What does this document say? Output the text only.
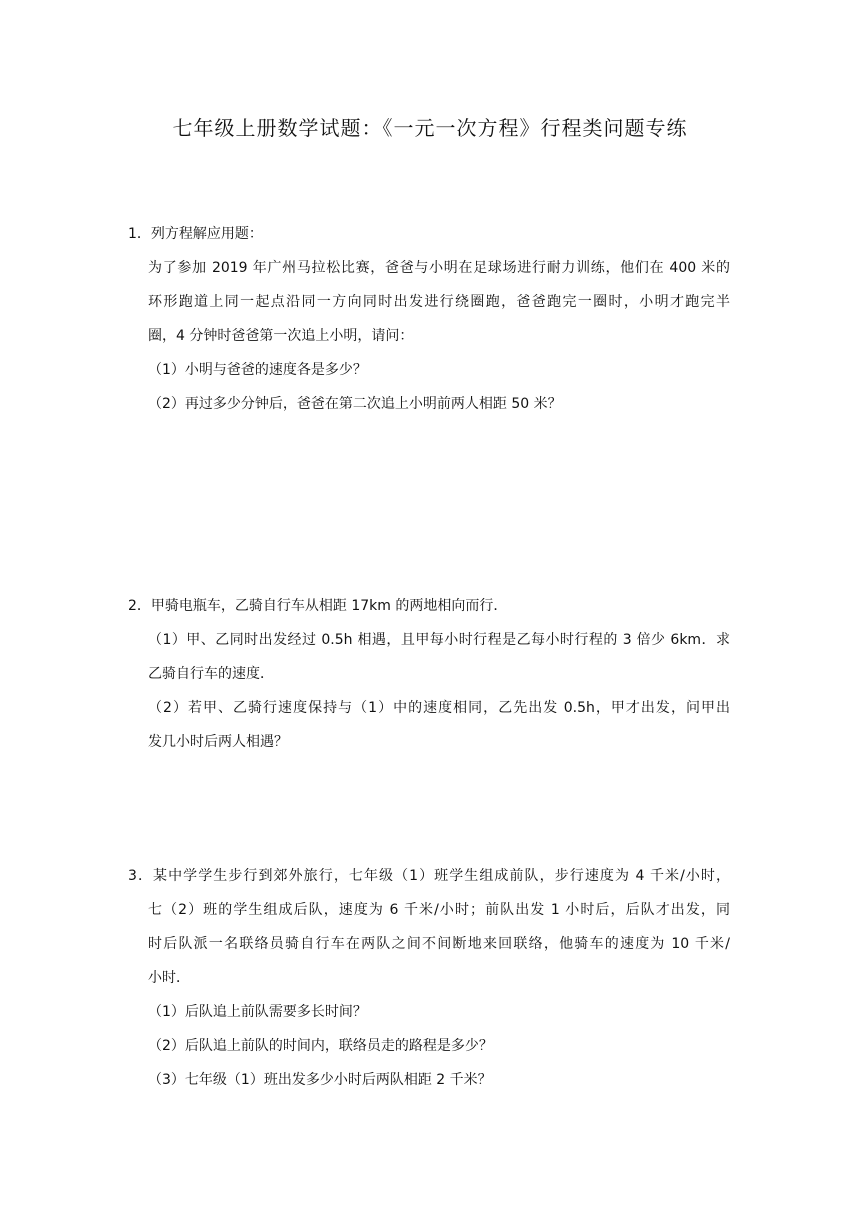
七年级上册数学试题：《一元一次方程》行程类问题专练
1．列方程解应用题：
为了参加 2019 年广州马拉松比赛，爸爸与小明在足球场进行耐力训练，他们在 400 米的
环形跑道上同一起点沿同一方向同时出发进行绕圈跑，爸爸跑完一圈时，小明才跑完半
圈，4 分钟时爸爸第一次追上小明，请问：
（1）小明与爸爸的速度各是多少？
（2）再过多少分钟后，爸爸在第二次追上小明前两人相距 50 米？
2．甲骑电瓶车，乙骑自行车从相距 17km 的两地相向而行．
（1）甲、乙同时出发经过 0.5h 相遇，且甲每小时行程是乙每小时行程的 3 倍少 6km．求
乙骑自行车的速度．
（2）若甲、乙骑行速度保持与（1）中的速度相同，乙先出发 0.5h，甲才出发，问甲出
发几小时后两人相遇？
3．某中学学生步行到郊外旅行，七年级（1）班学生组成前队，步行速度为 4 千米/小时，
七（2）班的学生组成后队，速度为 6 千米/小时；前队出发 1 小时后，后队才出发，同
时后队派一名联络员骑自行车在两队之间不间断地来回联络，他骑车的速度为 10 千米/
小时．
（1）后队追上前队需要多长时间？
（2）后队追上前队的时间内，联络员走的路程是多少？
（3）七年级（1）班出发多少小时后两队相距 2 千米？
